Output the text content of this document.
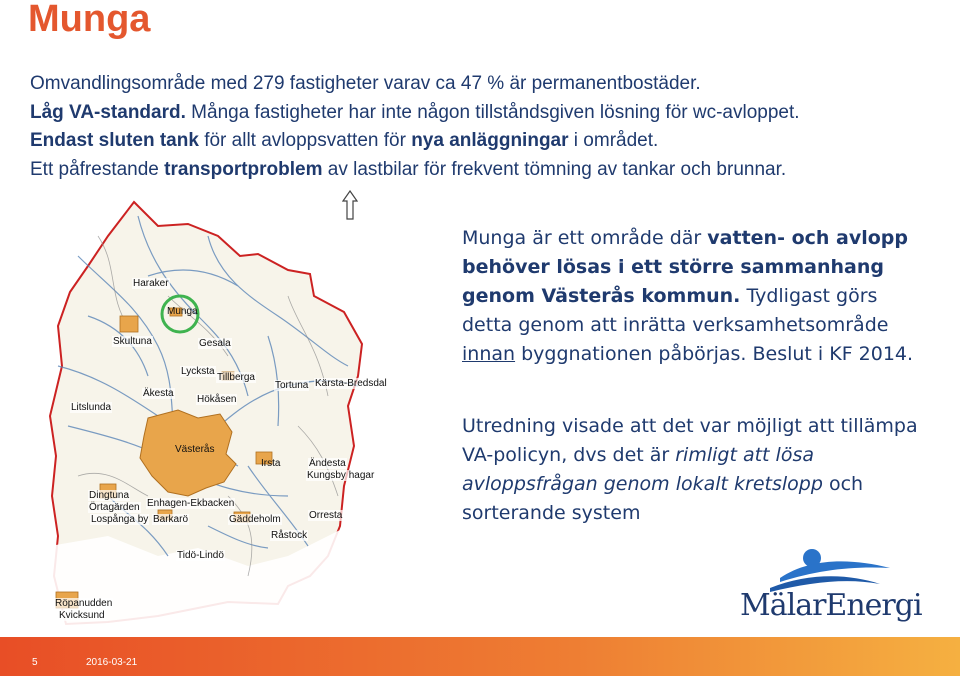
Munga

Omvandlingsområde med 279 fastigheter varav ca 47 % är permanentbostäder.

Låg VA-standard. Många fastigheter har inte någon tillståndsgiven lösning för wc-avloppet.

Endast sluten tank för allt avloppsvatten för nya anläggningar i området.

Ett påfrestande transportproblem av lastbilar för frekvent tömning av tankar och brunnar.

Haraker
Munga
Skultuna	Gesala
Lycksta
Tillberga
Tortuna Kärsta-Bredsdal
Äkesta
Hökåsen
Litslunda
Västerås
Irsta	Ändesta
Kungsby hagar
Dingtuna
Örtagärden Enhagen-Ekbacken
Lospånga by Barkarö	Gäddeholm	Orresta
Råstock
Tidö-Lindö
Röpanudden
Kvicksund

Munga är ett område där vatten- och avlopp behöver lösas i ett större sammanhang genom Västerås kommun. Tydligast görs detta genom att inrätta verksamhetsområde innan byggnationen påbörjas. Beslut i KF 2014.

Utredning visade att det var möjligt att tillämpa VA-policyn, dvs det är rimligt att lösa avloppsfrågan genom lokalt kretslopp och sorterande system

MälarEnergi
5	2016-03-21
